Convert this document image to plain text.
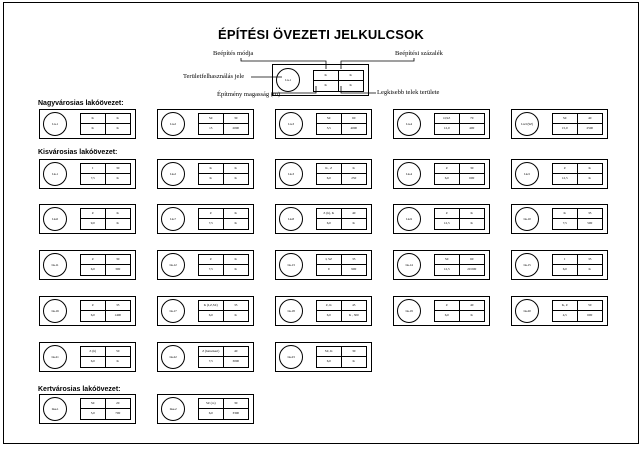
ÉPÍTÉSI ÖVEZETI JELKULCSOK
Ln-1
K	K
K	K
Beépítés módja	Beépítési százalék
Területfelhasználás jele
Építmény magasság (m)	Legkisebb telek területe
Nagyvárosias lakóövezet:
Kisvárosias lakóövezet:
Kertvárosias lakóövezet:
Ln-1
K	K
K	K
Ln-2
SZ	30
15	2000
Ln-3
SZ	60
3,5	4000
Ln-4
O,SZ	70
12,0	400
Ln-5 (SZ)
SZ	40
15,0	2500
Lk-1
I	30
7,5	K
Lk-2
K	K
K	K
Lk-3
K , Z	K
6,0	250
Lk-4
Z	30
6,0	600
Lk-5
Z	K
12,5	K
Lk-6
Z	K
9,0	K
Lk-7
Z	K
7,5	K
Lk-8
Z (h), K	40
6,0	K
Lk-9
Z	K
12,5	K
Lk-10
K	35
7,5	500
Lk-11
Z	30
6,0	300
Lk-12
Z	K
7,5	K
Lk-13
I, SZ	35
9	900
Lk-14
SZ	60
12,5	20 000
Lk-15
I	35
6,0	K
Lk-16
Z	35
6,0	1400
Lk-17
K (I,Z,SZ)	35
6,0	K
Lk-18
Z, K	45
6,0	K , 300
Lk-19
Z	40
6,0	K
Lk-20
K, Z	50
4,5	600
Lk-21
Z (h)	50
6,0	K
Lk-22
Z (hatsókert)	40
7,5	3000
Lk-23
SZ, K	30
6,0	K
Lke-1
SZ	20
5,0	700
Lke-2
SZ (cs)	30
6,0	3300
